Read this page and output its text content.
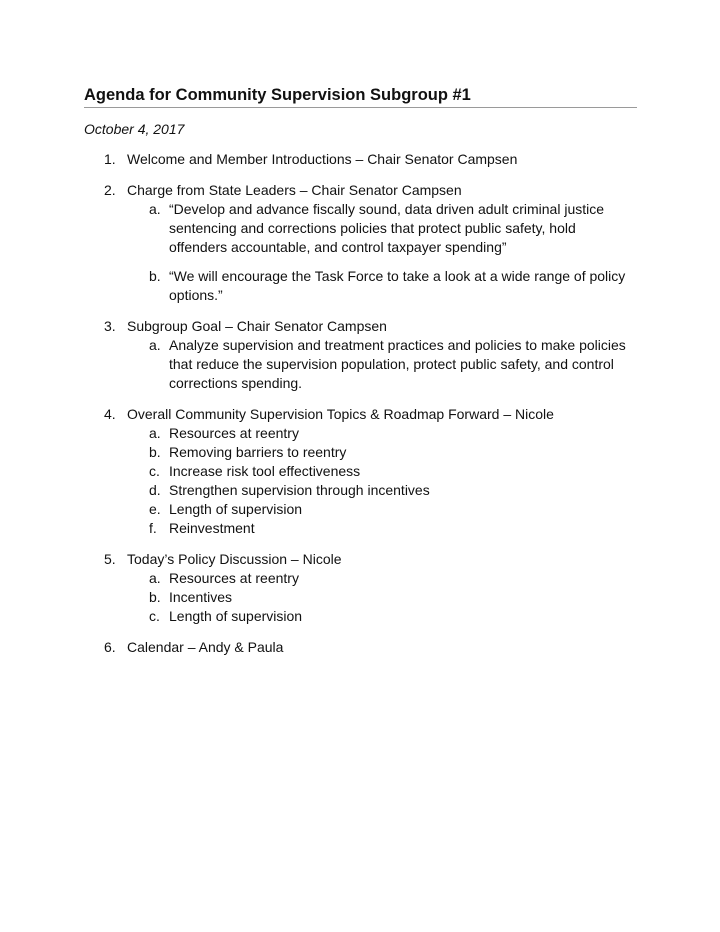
Agenda for Community Supervision Subgroup #1
October 4, 2017
1. Welcome and Member Introductions – Chair Senator Campsen
2. Charge from State Leaders – Chair Senator Campsen
a. “Develop and advance fiscally sound, data driven adult criminal justice sentencing and corrections policies that protect public safety, hold offenders accountable, and control taxpayer spending”
b. “We will encourage the Task Force to take a look at a wide range of policy options.”
3. Subgroup Goal – Chair Senator Campsen
a. Analyze supervision and treatment practices and policies to make policies that reduce the supervision population, protect public safety, and control corrections spending.
4. Overall Community Supervision Topics & Roadmap Forward – Nicole
a. Resources at reentry
b. Removing barriers to reentry
c. Increase risk tool effectiveness
d. Strengthen supervision through incentives
e. Length of supervision
f. Reinvestment
5. Today’s Policy Discussion – Nicole
a. Resources at reentry
b. Incentives
c. Length of supervision
6. Calendar – Andy & Paula
